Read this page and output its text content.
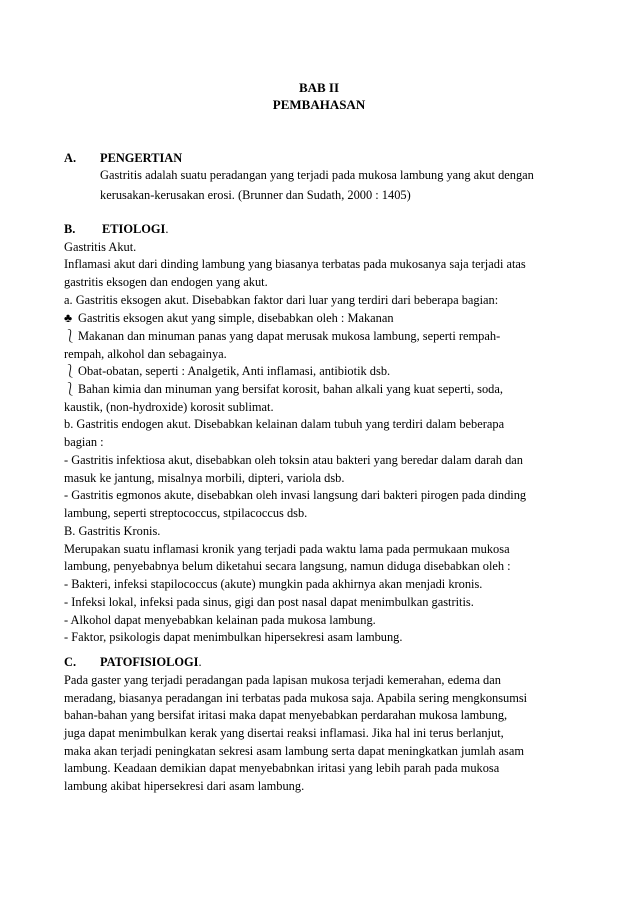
BAB II
PEMBAHASAN
A. PENGERTIAN
Gastritis adalah suatu peradangan yang terjadi pada mukosa lambung yang akut dengan
kerusakan-kerusakan erosi. (Brunner dan Sudath, 2000 : 1405)
B. ETIOLOGI.
Gastritis Akut.
Inflamasi akut dari dinding lambung yang biasanya terbatas pada mukosanya saja terjadi atas
gastritis eksogen dan endogen yang akut.
a. Gastritis eksogen akut. Disebabkan faktor dari luar yang terdiri dari beberapa bagian:
♣ Gastritis eksogen akut yang simple, disebabkan oleh : Makanan
⎱ Makanan dan minuman panas yang dapat merusak mukosa lambung, seperti rempah-
rempah, alkohol dan sebagainya.
⎱ Obat-obatan, seperti : Analgetik, Anti inflamasi, antibiotik dsb.
⎱ Bahan kimia dan minuman yang bersifat korosit, bahan alkali yang kuat seperti, soda,
kaustik, (non-hydroxide) korosit sublimat.
b. Gastritis endogen akut. Disebabkan kelainan dalam tubuh yang terdiri dalam beberapa
bagian :
- Gastritis infektiosa akut, disebabkan oleh toksin atau bakteri yang beredar dalam darah dan
masuk ke jantung, misalnya morbili, dipteri, variola dsb.
- Gastritis egmonos akute, disebabkan oleh invasi langsung dari bakteri pirogen pada dinding
lambung, seperti streptococcus, stpilacoccus dsb.
B. Gastritis Kronis.
Merupakan suatu inflamasi kronik yang terjadi pada waktu lama pada permukaan mukosa
lambung, penyebabnya belum diketahui secara langsung, namun diduga disebabkan oleh :
- Bakteri, infeksi stapilococcus (akute) mungkin pada akhirnya akan menjadi kronis.
- Infeksi lokal, infeksi pada sinus, gigi dan post nasal dapat menimbulkan gastritis.
- Alkohol dapat menyebabkan kelainan pada mukosa lambung.
- Faktor, psikologis dapat menimbulkan hipersekresi asam lambung.
C. PATOFISIOLOGI.
Pada gaster yang terjadi peradangan pada lapisan mukosa terjadi kemerahan, edema dan
meradang, biasanya peradangan ini terbatas pada mukosa saja. Apabila sering mengkonsumsi
bahan-bahan yang bersifat iritasi maka dapat menyebabkan perdarahan mukosa lambung,
juga dapat menimbulkan kerak yang disertai reaksi inflamasi. Jika hal ini terus berlanjut,
maka akan terjadi peningkatan sekresi asam lambung serta dapat meningkatkan jumlah asam
lambung. Keadaan demikian dapat menyebabnkan iritasi yang lebih parah pada mukosa
lambung akibat hipersekresi dari asam lambung.
